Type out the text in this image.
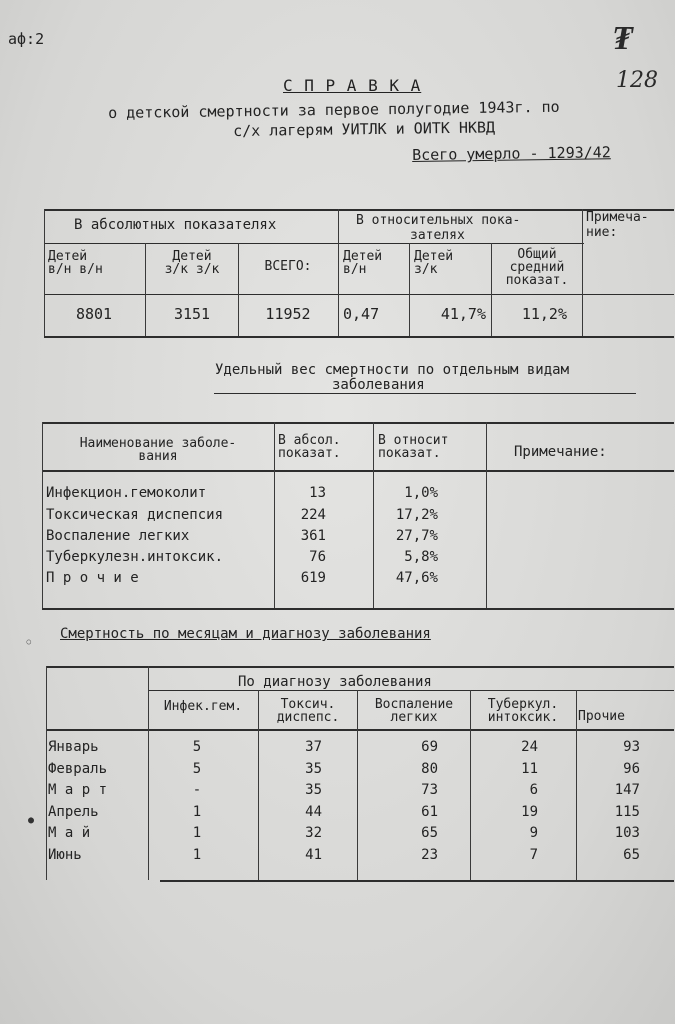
аф:2	₮
128
С П Р А В К А
о детской смертности за первое полугодие 1943г. по
с/х лагерям УИТЛК и ОИТК НКВД
Всего умерло - 1293/42
В абсолютных показателях	В относительных пока-
зателях
Примеча-
ние:
Детей
в/н в/н
Детей
з/к з/к	ВСЕГО:
Детей
в/н
Детей
з/к
Общий
средний
показат.
8801	3151	11952	0,47	41,7%	11,2%
Удельный вес смертности по отдельным видам
заболевания
Наименование заболе-
вания
В абсол.
показат.
В относит
показат.	Примечание:
Инфекцион.гемоколит	13	1,0%
Токсическая диспепсия	224	17,2%
Воспаление легких	361	27,7%
Туберкулезн.интоксик.	76	5,8%
П р о ч и е	619	47,6%
Смертность по месяцам и диагнозу заболевания
По диагнозу заболевания
Инфек.гем.	Токсич.
диспепс.
Воспаление
легких
Туберкул.
интоксик.	Прочие
Январь	5	37	69	24	93
Февраль	5	35	80	11	96
М а р т	-	35	73	6	147
Апрель	1	44	61	19	115
М а й	1	32	65	9	103
Июнь	1	41	23	7	65
◦
●
